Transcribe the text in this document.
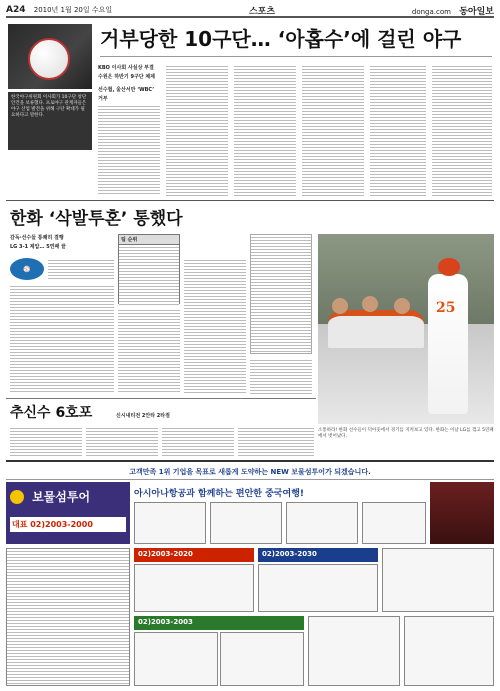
A24 2010년 1월 20일 수요일	스포츠	donga.com 동아일보
거부당한 10구단… ‘아홉수’에 걸린 야구
한국야구위원회 이사회가 10구단 창단 안건을 보류했다. 프로야구 관계자들은 야구 산업 발전을 위해 구단 확대가 필요하다고 말한다.
KBO 이사회 사실상 부결
수원은 하반기 9구단 체제
선수협, 울산서만 ‘WBC’ 거부
한화 ‘삭발투혼’ 통했다
감독·선수들 통쾌히 결행
LG 3-1 제압… 5연패 끝
⚾
팀 순위
25
소통하라! 한화 선수들이 덕아웃에서 경기를 지켜보고 있다. 한화는 이날 LG를 꺾고 5연패에서 벗어났다.
추신수 6호포	신시내티전 2안타 2타점
고객만족 1위 기업을 목표로 새롭게 도약하는 NEW 보물섬투어가 되겠습니다.
보물섬투어
대표 02)2003-2000
아시아나항공과 함께하는 편안한 중국여행!
02)2003-2020	02)2003-2030
02)2003-2003
